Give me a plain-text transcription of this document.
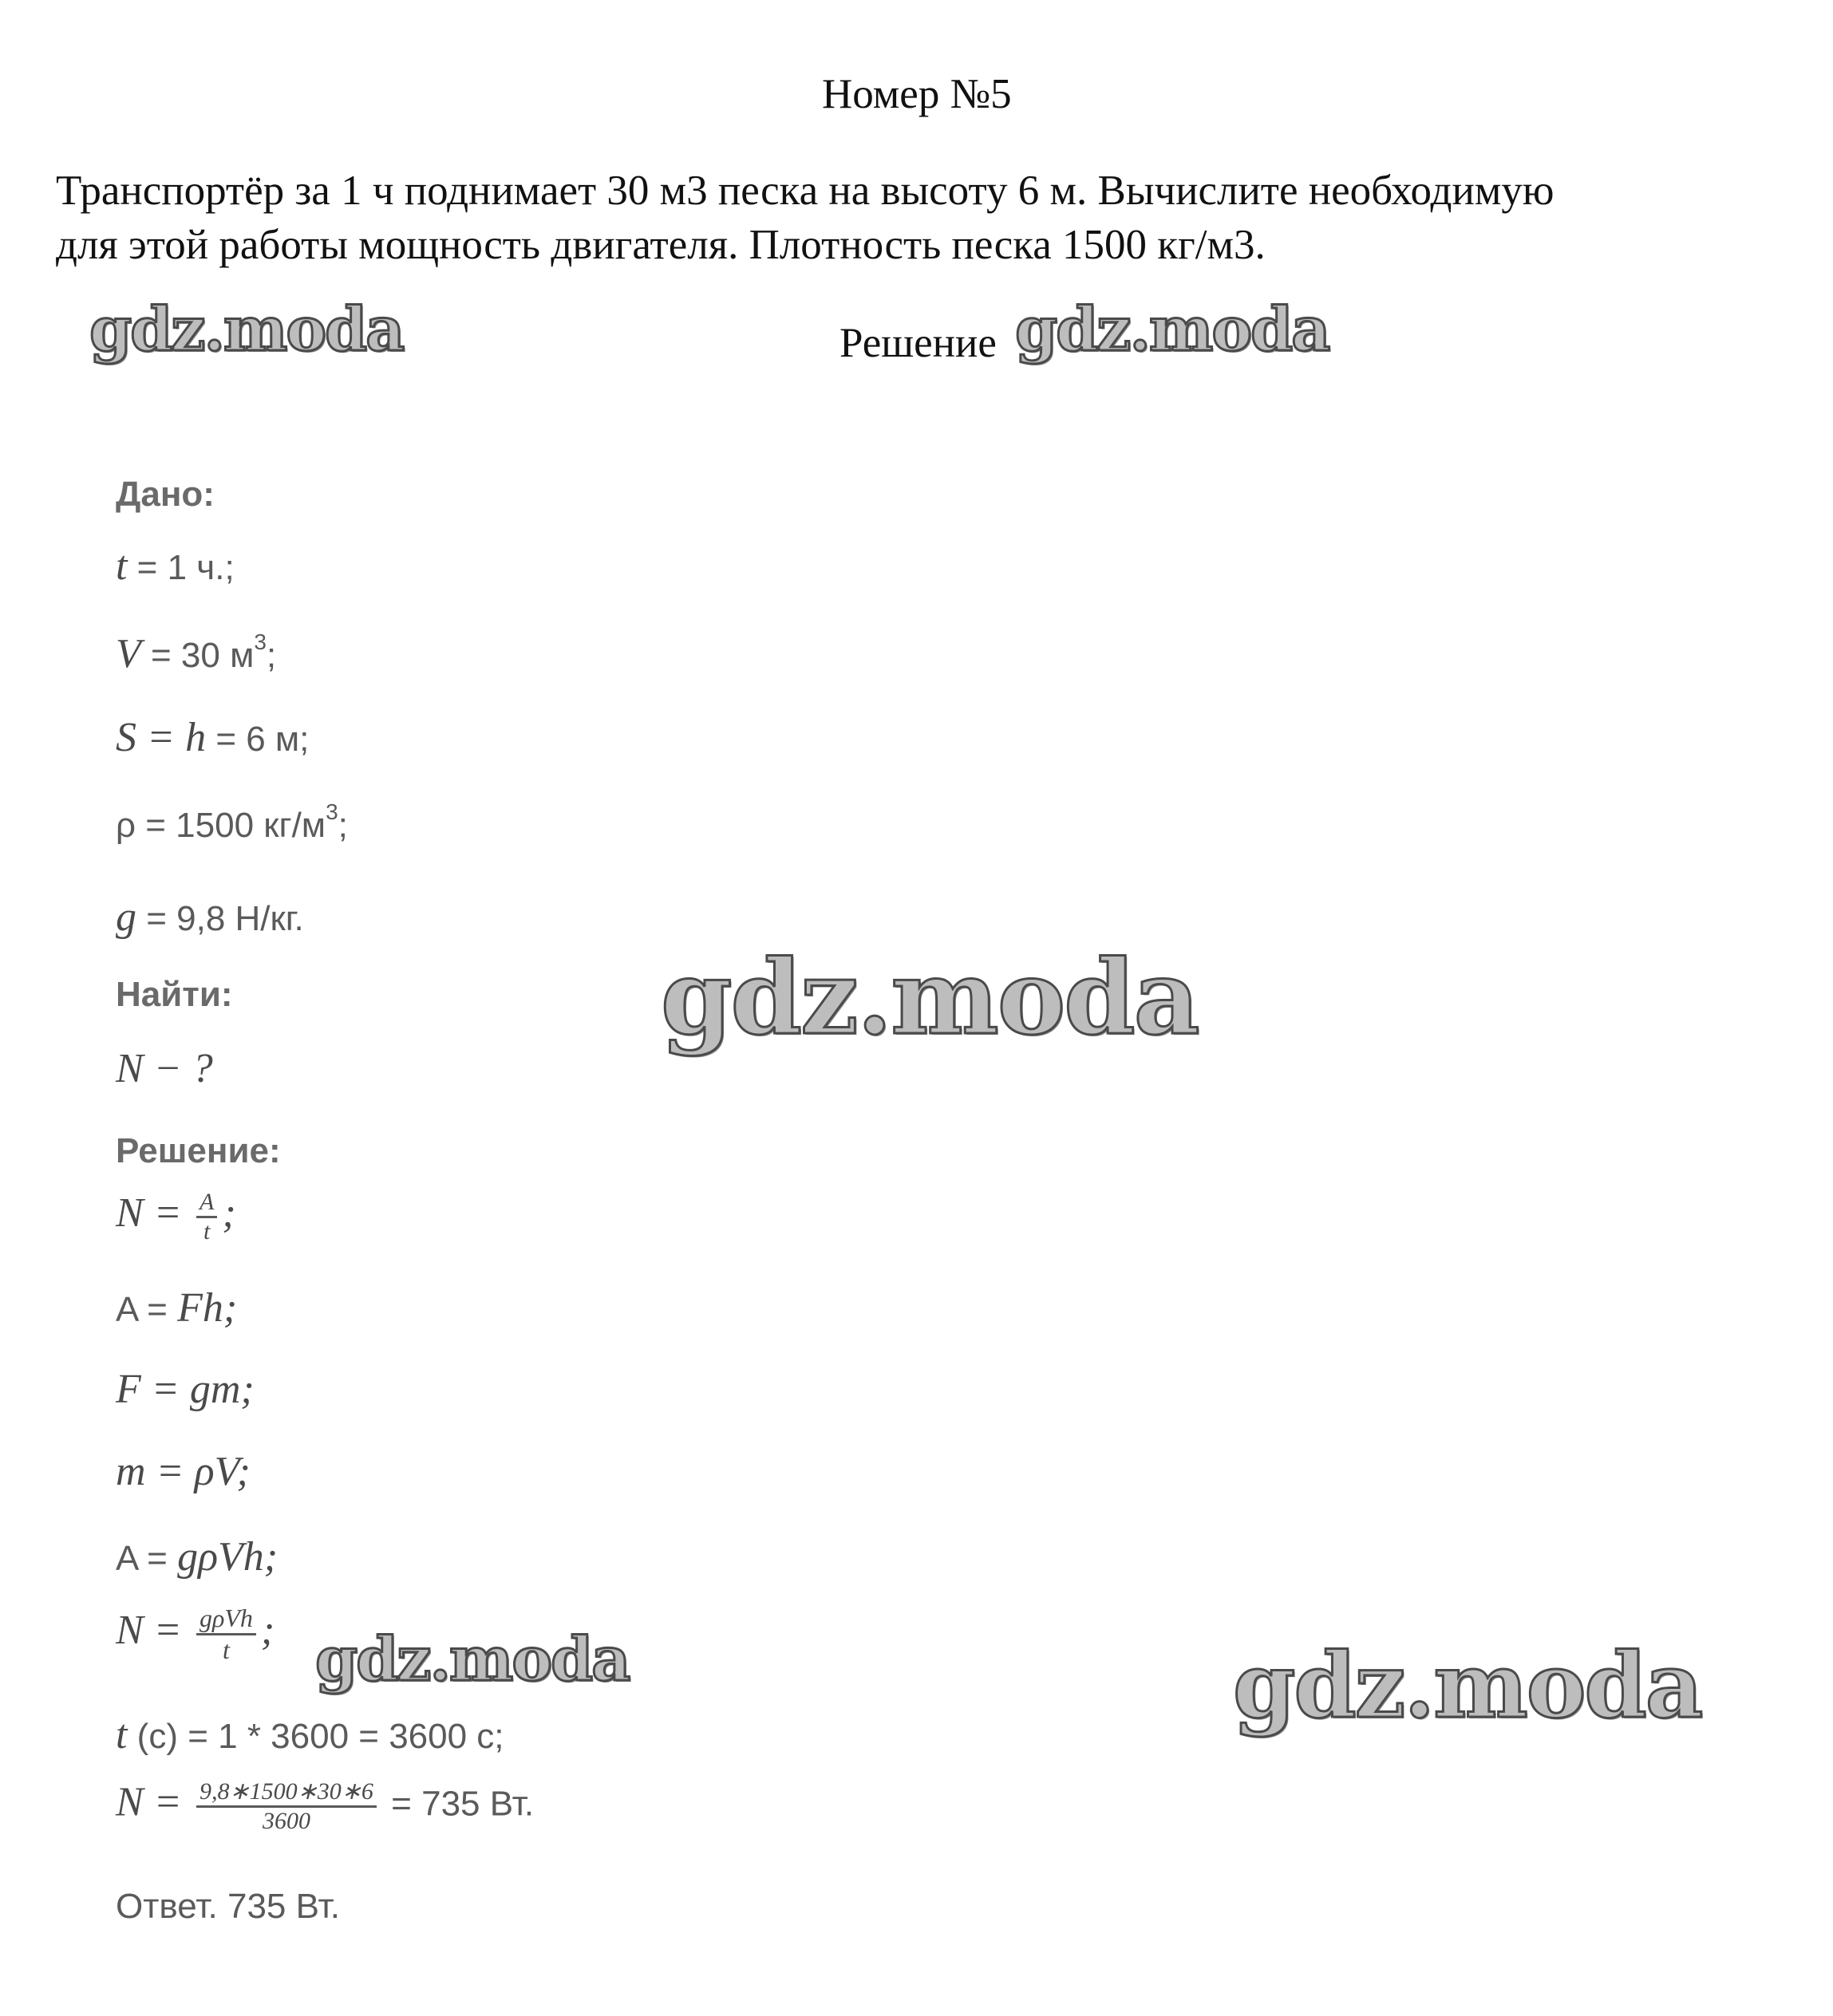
Номер №5
Транспортёр за 1 ч поднимает 30 м3 песка на высоту 6 м. Вычислите необходимую
для этой работы мощность двигателя. Плотность песка 1500 кг/м3.
Решение
Дано:
t = 1 ч.;
V = 30 $м^3$;
S = h = 6 м;
ρ = 1500 $кг/м^3$;
g = 9,8 Н/кг.
Найти:
N − ?
Решение:
$N = \frac{A}{t}$ ;
A = Fh;
F = gm;
m = ρV;
A = gρVh;
$N = \frac{\text{gρVh}}{t}$ ;
t (с) = 1 * 3600 = 3600 с;
$N = \frac{9,8∗1500∗30∗6}{3600} = 735$ Вт.
Ответ. 735 Вт.
gdz.moda	gdz.moda
gdz.moda
gdz.moda	gdz.moda
